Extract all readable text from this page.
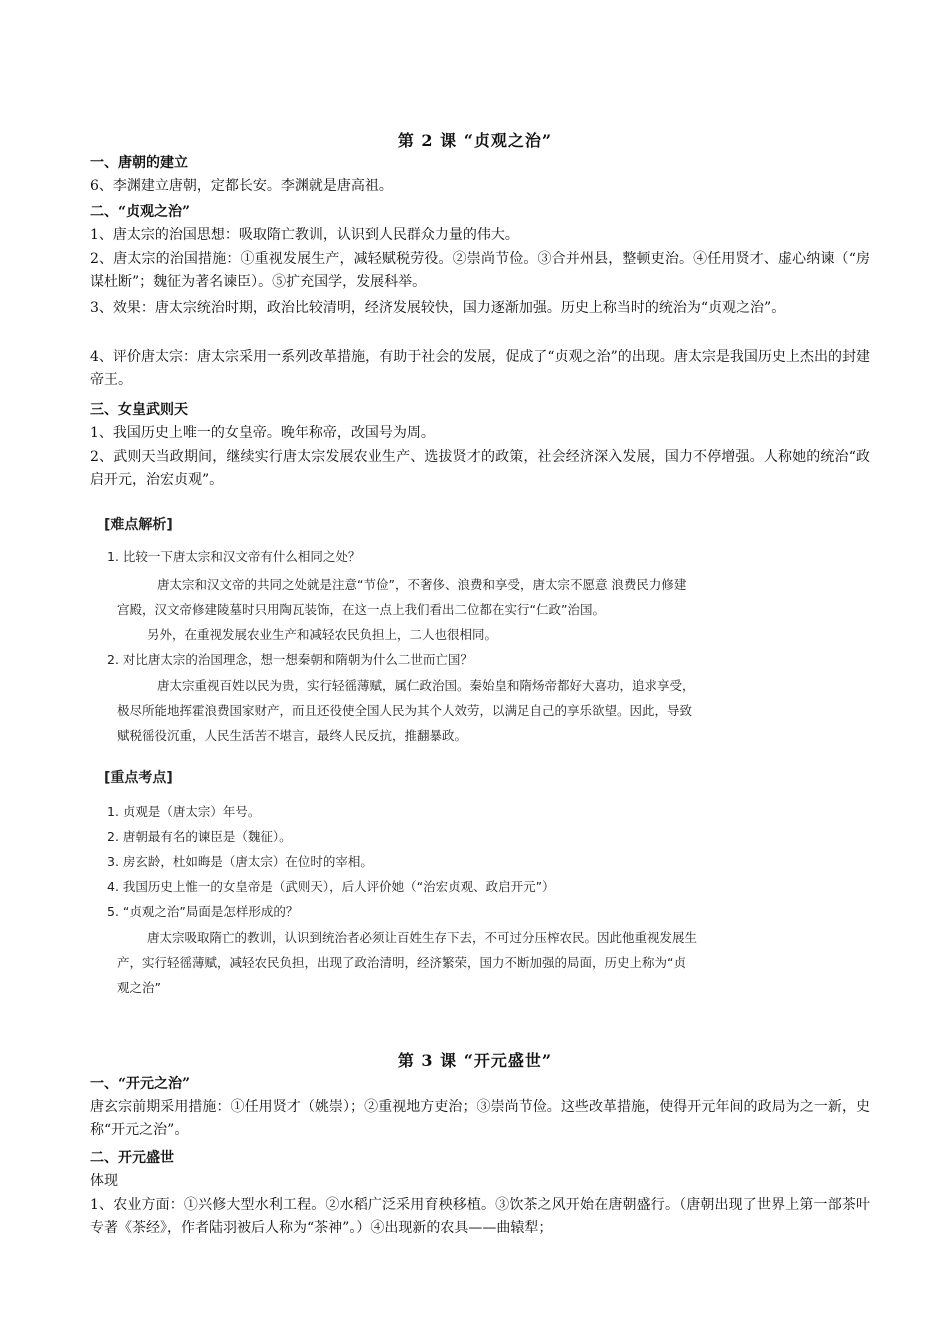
第 2 课 “贞观之治”
一、唐朝的建立
6、李渊建立唐朝，定都长安。李渊就是唐高祖。
二、“贞观之治”
1、唐太宗的治国思想：吸取隋亡教训，认识到人民群众力量的伟大。
2、唐太宗的治国措施：①重视发展生产，减轻赋税劳役。②崇尚节俭。③合并州县，整顿吏治。④任用贤才、虚心纳谏（“房谋杜断”；魏征为著名谏臣）。⑤扩充国学，发展科举。
3、效果：唐太宗统治时期，政治比较清明，经济发展较快，国力逐渐加强。历史上称当时的统治为“贞观之治”。
4、评价唐太宗：唐太宗采用一系列改革措施，有助于社会的发展，促成了“贞观之治”的出现。唐太宗是我国历史上杰出的封建帝王。
三、女皇武则天
1、我国历史上唯一的女皇帝。晚年称帝，改国号为周。
2、武则天当政期间，继续实行唐太宗发展农业生产、选拔贤才的政策，社会经济深入发展，国力不停增强。人称她的统治“政启开元，治宏贞观”。
[难点解析]
1. 比较一下唐太宗和汉文帝有什么相同之处？
唐太宗和汉文帝的共同之处就是注意“节俭”，不奢侈、浪费和享受，唐太宗不愿意 浪费民力修建
宫殿，汉文帝修建陵墓时只用陶瓦装饰，在这一点上我们看出二位都在实行“仁政”治国。
另外，在重视发展农业生产和减轻农民负担上，二人也很相同。
2. 对比唐太宗的治国理念，想一想秦朝和隋朝为什么二世而亡国？
唐太宗重视百姓以民为贵，实行轻徭薄赋，属仁政治国。秦始皇和隋炀帝都好大喜功，追求享受，
极尽所能地挥霍浪费国家财产，而且还役使全国人民为其个人效劳，以满足自己的享乐欲望。因此，导致
赋税徭役沉重，人民生活苦不堪言，最终人民反抗，推翻暴政。
[重点考点]
1. 贞观是（唐太宗）年号。
2. 唐朝最有名的谏臣是（魏征）。
3. 房玄龄，杜如晦是（唐太宗）在位时的宰相。
4. 我国历史上惟一的女皇帝是（武则天），后人评价她（“治宏贞观、政启开元”）
5. “贞观之治”局面是怎样形成的？
唐太宗吸取隋亡的教训，认识到统治者必须让百姓生存下去，不可过分压榨农民。因此他重视发展生
产，实行轻徭薄赋，减轻农民负担，出现了政治清明，经济繁荣，国力不断加强的局面，历史上称为“贞
观之治”
第 3 课 “开元盛世”
一、“开元之治”
唐玄宗前期采用措施：①任用贤才（姚崇）；②重视地方吏治；③崇尚节俭。这些改革措施，使得开元年间的政局为之一新，史称“开元之治”。
二、开元盛世
体现
1、农业方面：①兴修大型水利工程。②水稻广泛采用育秧移植。③饮茶之风开始在唐朝盛行。（唐朝出现了世界上第一部茶叶专著《茶经》，作者陆羽被后人称为“茶神”。）④出现新的农具——曲辕犁；
